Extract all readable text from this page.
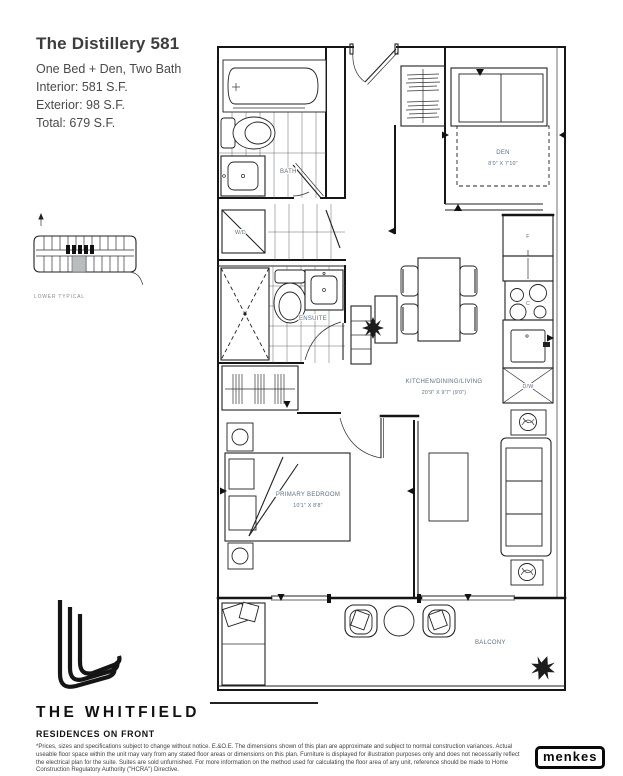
The Distillery 581
One Bed + Den, Two Bath
Interior: 581 S.F.
Exterior: 98 S.F.
Total: 679 S.F.
LOWER TYPICAL
BATH
DEN
8'0" X 7'10"
W/D
ENSUITE
F
C
D/W
KITCHEN/DINING/LIVING
20'9" X 9'7" (9'0")
PRIMARY BEDROOM
10'1" X 8'8"
BALCONY
THE WHITFIELD
RESIDENCES ON FRONT
*Prices, sizes and specifications subject to change without notice. E.&O.E. The dimensions shown of this plan are approximate and subject to normal construction variances. Actual useable floor space within the unit may vary from any stated floor areas or dimensions on this plan. Furniture is displayed for illustration purposes only and does not necessarily reflect the electrical plan for the suite. Suites are sold unfurnished. For more information on the method used for calculating the floor area of any unit, reference should be made to Home Construction Regulatory Authority ("HCRA") Directive.
menkes
